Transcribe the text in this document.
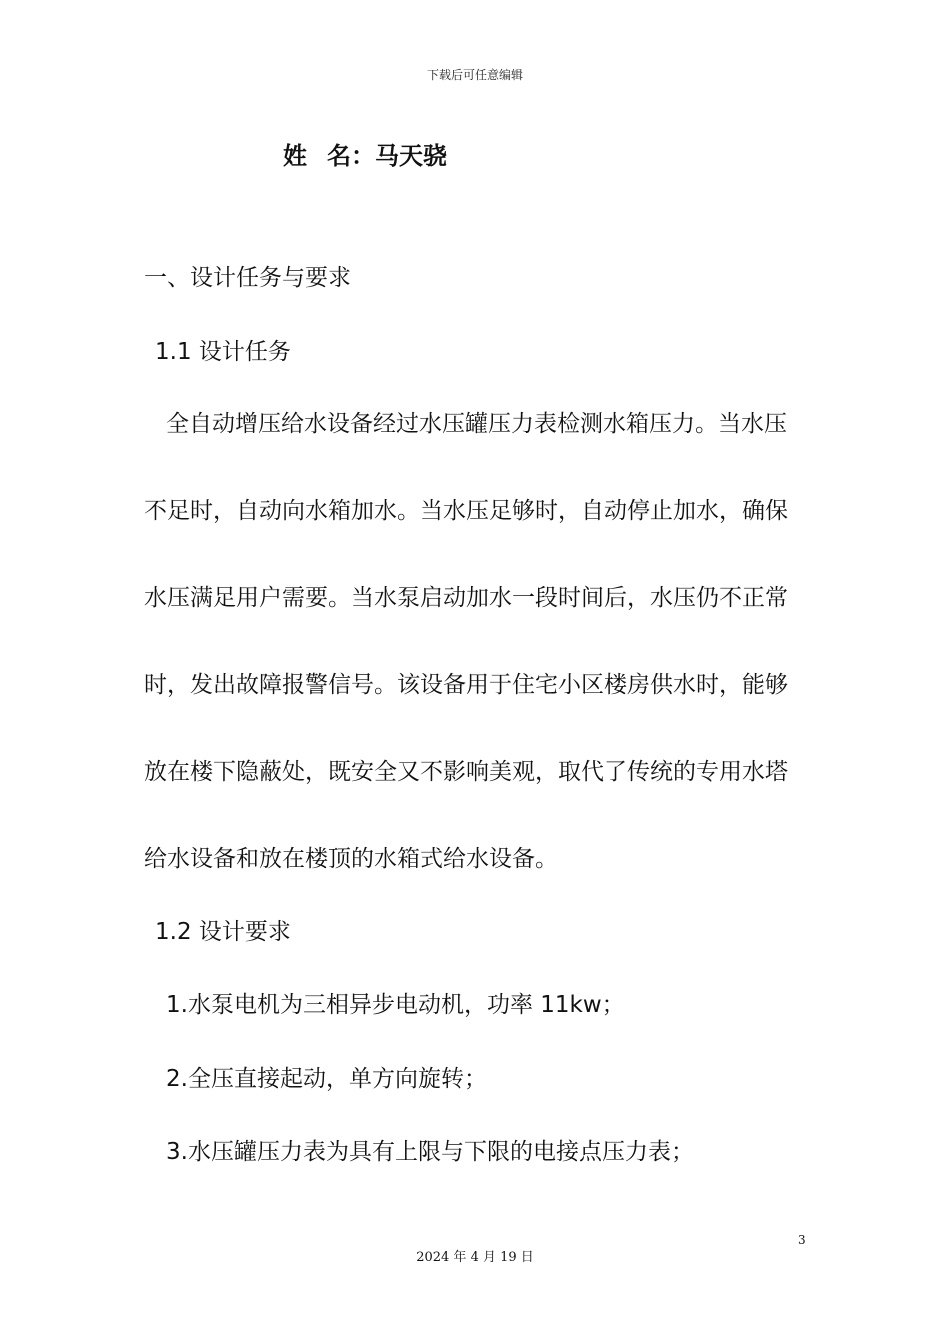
下载后可任意编辑
姓 名：马天骁
一、设计任务与要求
1.1 设计任务
全自动增压给水设备经过水压罐压力表检测水箱压力。当水压
不足时，自动向水箱加水。当水压足够时，自动停止加水，确保
水压满足用户需要。当水泵启动加水一段时间后，水压仍不正常
时，发出故障报警信号。该设备用于住宅小区楼房供水时，能够
放在楼下隐蔽处，既安全又不影响美观，取代了传统的专用水塔
给水设备和放在楼顶的水箱式给水设备。
1.2 设计要求
1.水泵电机为三相异步电动机，功率 11kw；
2.全压直接起动，单方向旋转；
3.水压罐压力表为具有上限与下限的电接点压力表；
3
2024 年 4 月 19 日
